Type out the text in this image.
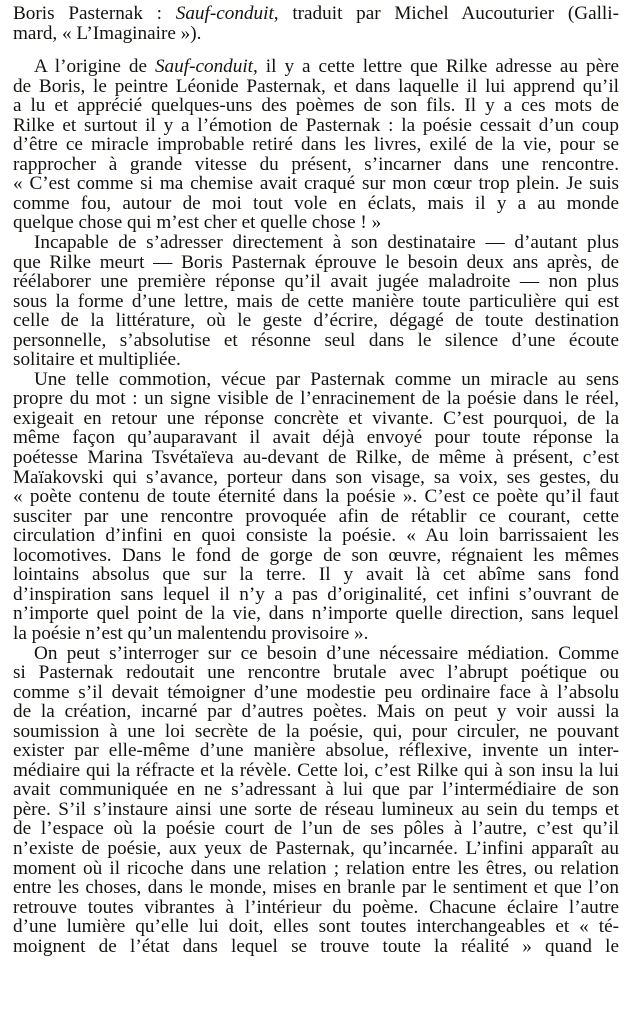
Boris Pasternak : Sauf-conduit, traduit par Michel Aucouturier (Galli-
mard, « L’Imaginaire »).
A l’origine de Sauf-conduit, il y a cette lettre que Rilke adresse au père
de Boris, le peintre Léonide Pasternak, et dans laquelle il lui apprend qu’il
a lu et apprécié quelques-uns des poèmes de son fils. Il y a ces mots de
Rilke et surtout il y a l’émotion de Pasternak : la poésie cessait d’un coup
d’être ce miracle improbable retiré dans les livres, exilé de la vie, pour se
rapprocher à grande vitesse du présent, s’incarner dans une rencontre.
« C’est comme si ma chemise avait craqué sur mon cœur trop plein. Je suis
comme fou, autour de moi tout vole en éclats, mais il y a au monde
quelque chose qui m’est cher et quelle chose ! »
Incapable de s’adresser directement à son destinataire — d’autant plus
que Rilke meurt — Boris Pasternak éprouve le besoin deux ans après, de
réélaborer une première réponse qu’il avait jugée maladroite — non plus
sous la forme d’une lettre, mais de cette manière toute particulière qui est
celle de la littérature, où le geste d’écrire, dégagé de toute destination
personnelle, s’absolutise et résonne seul dans le silence d’une écoute
solitaire et multipliée.
Une telle commotion, vécue par Pasternak comme un miracle au sens
propre du mot : un signe visible de l’enracinement de la poésie dans le réel,
exigeait en retour une réponse concrète et vivante. C’est pourquoi, de la
même façon qu’auparavant il avait déjà envoyé pour toute réponse la
poétesse Marina Tsvétaïeva au-devant de Rilke, de même à présent, c’est
Maïakovski qui s’avance, porteur dans son visage, sa voix, ses gestes, du
« poète contenu de toute éternité dans la poésie ». C’est ce poète qu’il faut
susciter par une rencontre provoquée afin de rétablir ce courant, cette
circulation d’infini en quoi consiste la poésie. « Au loin barrissaient les
locomotives. Dans le fond de gorge de son œuvre, régnaient les mêmes
lointains absolus que sur la terre. Il y avait là cet abîme sans fond
d’inspiration sans lequel il n’y a pas d’originalité, cet infini s’ouvrant de
n’importe quel point de la vie, dans n’importe quelle direction, sans lequel
la poésie n’est qu’un malentendu provisoire ».
On peut s’interroger sur ce besoin d’une nécessaire médiation. Comme
si Pasternak redoutait une rencontre brutale avec l’abrupt poétique ou
comme s’il devait témoigner d’une modestie peu ordinaire face à l’absolu
de la création, incarné par d’autres poètes. Mais on peut y voir aussi la
soumission à une loi secrète de la poésie, qui, pour circuler, ne pouvant
exister par elle-même d’une manière absolue, réflexive, invente un inter-
médiaire qui la réfracte et la révèle. Cette loi, c’est Rilke qui à son insu la lui
avait communiquée en ne s’adressant à lui que par l’intermédiaire de son
père. S’il s’instaure ainsi une sorte de réseau lumineux au sein du temps et
de l’espace où la poésie court de l’un de ses pôles à l’autre, c’est qu’il
n’existe de poésie, aux yeux de Pasternak, qu’incarnée. L’infini apparaît au
moment où il ricoche dans une relation ; relation entre les êtres, ou relation
entre les choses, dans le monde, mises en branle par le sentiment et que l’on
retrouve toutes vibrantes à l’intérieur du poème. Chacune éclaire l’autre
d’une lumière qu’elle lui doit, elles sont toutes interchangeables et « té-
moignent de l’état dans lequel se trouve toute la réalité » quand le
